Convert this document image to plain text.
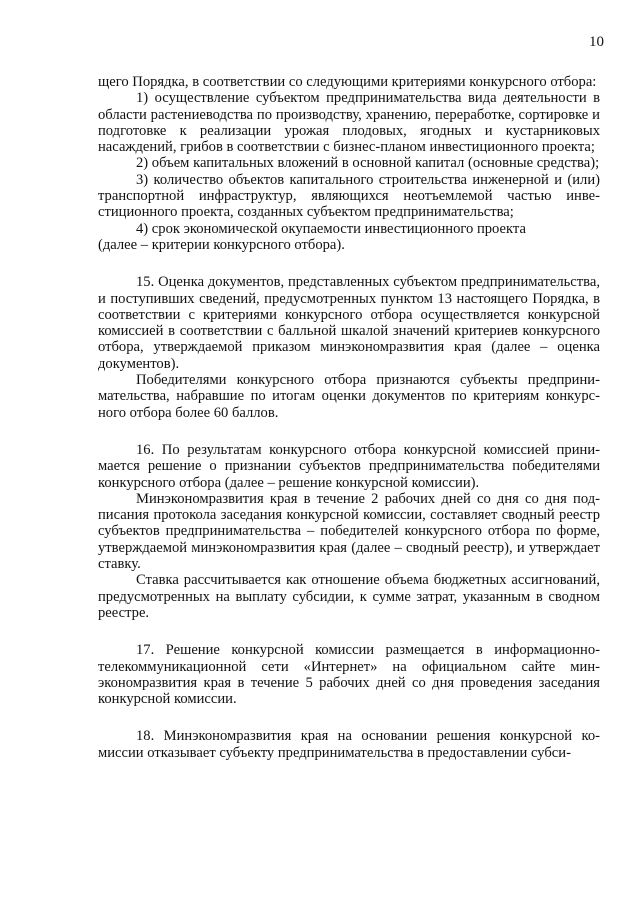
10

щего Порядка, в соответствии со следующими критериями конкурсного отбора:

1) осуществление субъектом предпринимательства вида деятельности в области растениеводства по производству, хранению, переработке, сортировке и подготовке к реализации урожая плодовых, ягодных и кустарниковых насаждений, грибов в соответствии с бизнес-планом инвестиционного проекта;

2) объем капитальных вложений в основной капитал (основные средства);

3) количество объектов капитального строительства инженерной и (или) транспортной инфраструктур, являющихся неотъемлемой частью инвестиционного проекта, созданных субъектом предпринимательства;

4) срок экономической окупаемости инвестиционного проекта

(далее – критерии конкурсного отбора).

15. Оценка документов, представленных субъектом предпринимательства, и поступивших сведений, предусмотренных пунктом 13 настоящего Порядка, в соответствии с критериями конкурсного отбора осуществляется конкурсной комиссией в соответствии с балльной шкалой значений критериев конкурсного отбора, утверждаемой приказом минэкономразвития края (далее – оценка документов).

Победителями конкурсного отбора признаются субъекты предпринимательства, набравшие по итогам оценки документов по критериям конкурсного отбора более 60 баллов.

16. По результатам конкурсного отбора конкурсной комиссией принимается решение о признании субъектов предпринимательства победителями конкурсного отбора (далее – решение конкурсной комиссии).

Минэкономразвития края в течение 2 рабочих дней со дня со дня подписания протокола заседания конкурсной комиссии, составляет сводный реестр субъектов предпринимательства – победителей конкурсного отбора по форме, утверждаемой минэкономразвития края (далее – сводный реестр), и утверждает ставку.

Ставка рассчитывается как отношение объема бюджетных ассигнований, предусмотренных на выплату субсидии, к сумме затрат, указанным в сводном реестре.

17. Решение конкурсной комиссии размещается в информационно-телекоммуникационной сети «Интернет» на официальном сайте минэкономразвития края в течение 5 рабочих дней со дня проведения заседания конкурсной комиссии.

18. Минэкономразвития края на основании решения конкурсной комиссии отказывает субъекту предпринимательства в предоставлении субси-
